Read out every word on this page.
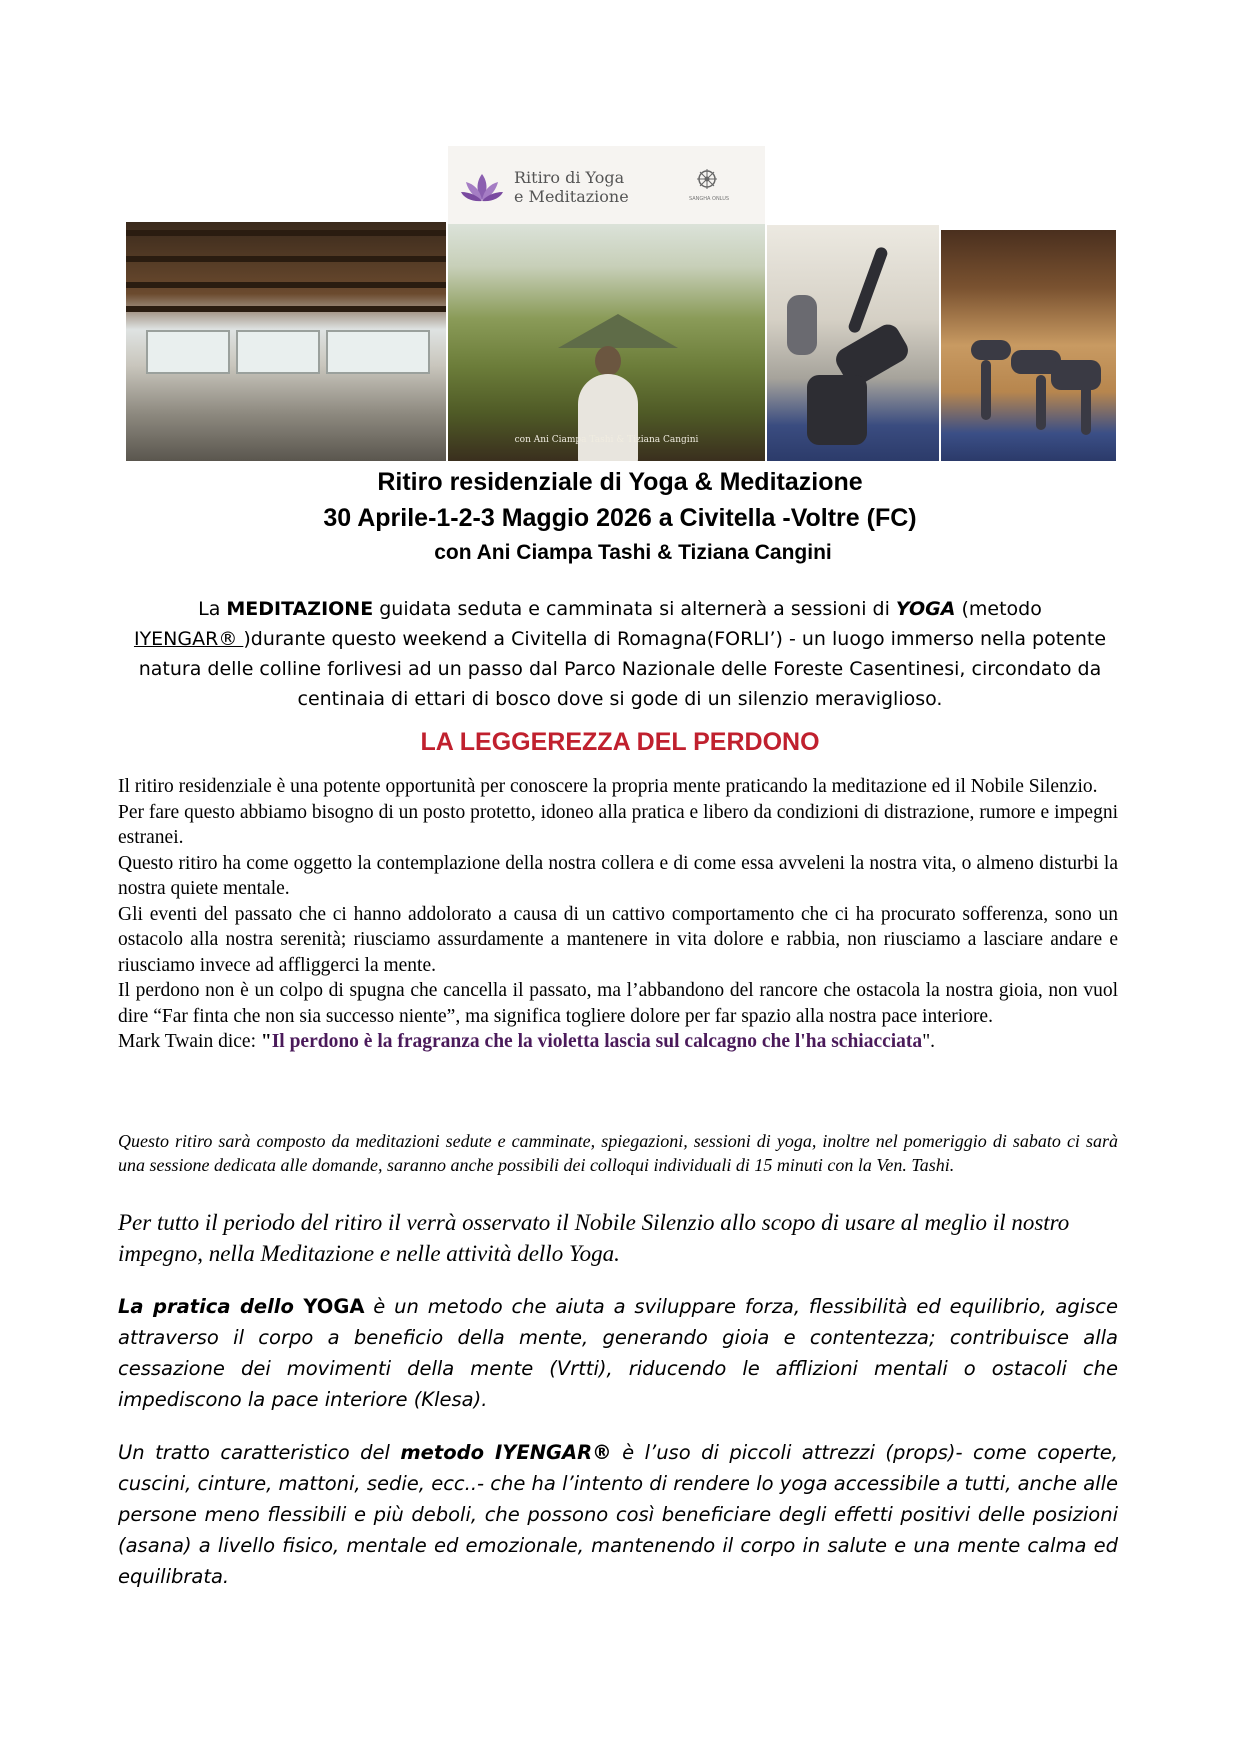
Ritiro di Yoga
e Meditazione	SANGHA ONLUS
con Ani Ciampa Tashi & Tiziana Cangini
Ritiro residenziale di Yoga & Meditazione
30 Aprile-1-2-3 Maggio 2026 a Civitella -Voltre (FC)
con Ani Ciampa Tashi & Tiziana Cangini
La MEDITAZIONE guidata seduta e camminata si alternerà a sessioni di YOGA (metodo
IYENGAR® )durante questo weekend a Civitella di Romagna(FORLI’) - un luogo immerso nella potente natura delle colline forlivesi ad un passo dal Parco Nazionale delle Foreste Casentinesi, circondato da centinaia di ettari di bosco dove si gode di un silenzio meraviglioso.
LA LEGGEREZZA DEL PERDONO

Il ritiro residenziale è una potente opportunità per conoscere la propria mente praticando la meditazione ed il Nobile Silenzio.

Per fare questo abbiamo bisogno di un posto protetto, idoneo alla pratica e libero da condizioni di distrazione, rumore e impegni estranei.

Questo ritiro ha come oggetto la contemplazione della nostra collera e di come essa avveleni la nostra vita, o almeno disturbi la nostra quiete mentale.

Gli eventi del passato che ci hanno addolorato a causa di un cattivo comportamento che ci ha procurato sofferenza, sono un ostacolo alla nostra serenità; riusciamo assurdamente a mantenere in vita dolore e rabbia, non riusciamo a lasciare andare e riusciamo invece ad affliggerci la mente.

Il perdono non è un colpo di spugna che cancella il passato, ma l’abbandono del rancore che ostacola la nostra gioia, non vuol dire “Far finta che non sia successo niente”, ma significa togliere dolore per far spazio alla nostra pace interiore.

Mark Twain dice: "Il perdono è la fragranza che la violetta lascia sul calcagno che l'ha schiacciata".

Questo ritiro sarà composto da meditazioni sedute e camminate, spiegazioni, sessioni di yoga, inoltre nel pomeriggio di sabato ci sarà una sessione dedicata alle domande, saranno anche possibili dei colloqui individuali di 15 minuti con la Ven. Tashi.
Per tutto il periodo del ritiro il verrà osservato il Nobile Silenzio allo scopo di usare al meglio il nostro impegno, nella Meditazione e nelle attività dello Yoga.
La pratica dello YOGA è un metodo che aiuta a sviluppare forza, flessibilità ed equilibrio, agisce attraverso il corpo a beneficio della mente, generando gioia e contentezza; contribuisce alla cessazione dei movimenti della mente (Vrtti), riducendo le afflizioni mentali o ostacoli che impediscono la pace interiore (Klesa).
Un tratto caratteristico del metodo IYENGAR® è l’uso di piccoli attrezzi (props)- come coperte, cuscini, cinture, mattoni, sedie, ecc..- che ha l’intento di rendere lo yoga accessibile a tutti, anche alle persone meno flessibili e più deboli, che possono così beneficiare degli effetti positivi delle posizioni (asana) a livello fisico, mentale ed emozionale, mantenendo il corpo in salute e una mente calma ed equilibrata.
